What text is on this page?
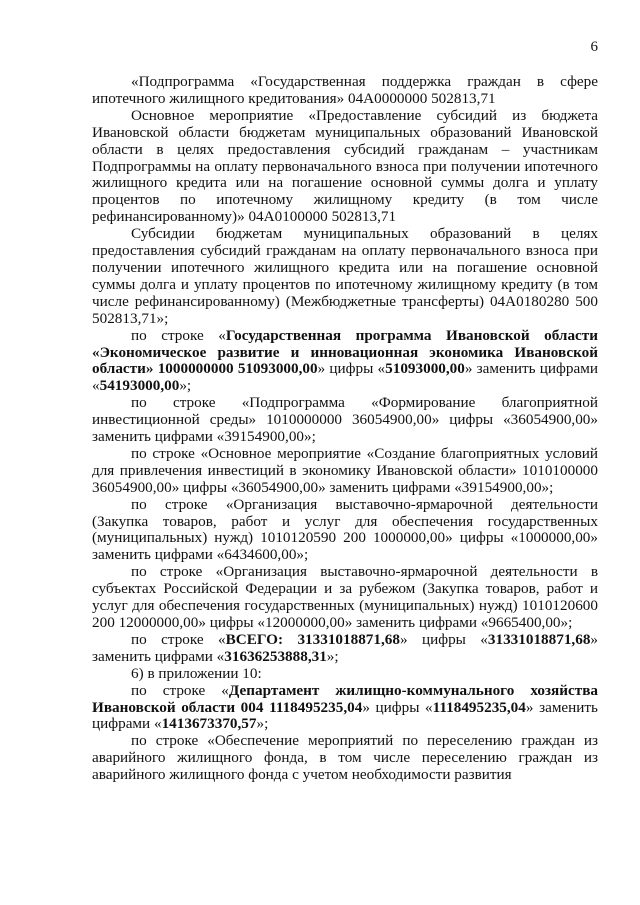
6

«Подпрограмма «Государственная поддержка граждан в сфере ипотечного жилищного кредитования» 04А0000000 502813,71

Основное мероприятие «Предоставление субсидий из бюджета Ивановской области бюджетам муниципальных образований Ивановской области в целях предоставления субсидий гражданам – участникам Подпрограммы на оплату первоначального взноса при получении ипотечного жилищного кредита или на погашение основной суммы долга и уплату процентов по ипотечному жилищному кредиту (в том числе рефинансированному)» 04А0100000 502813,71

Субсидии бюджетам муниципальных образований в целях предоставления субсидий гражданам на оплату первоначального взноса при получении ипотечного жилищного кредита или на погашение основной суммы долга и уплату процентов по ипотечному жилищному кредиту (в том числе рефинансированному) (Межбюджетные трансферты) 04А0180280 500 502813,71»;

по строке «Государственная программа Ивановской области «Экономическое развитие и инновационная экономика Ивановской области» 1000000000 51093000,00» цифры «51093000,00» заменить цифрами «54193000,00»;

по строке «Подпрограмма «Формирование благоприятной инвестиционной среды» 1010000000 36054900,00» цифры «36054900,00» заменить цифрами «39154900,00»;

по строке «Основное мероприятие «Создание благоприятных условий для привлечения инвестиций в экономику Ивановской области» 1010100000 36054900,00» цифры «36054900,00» заменить цифрами «39154900,00»;

по строке «Организация выставочно-ярмарочной деятельности (Закупка товаров, работ и услуг для обеспечения государственных (муниципальных) нужд) 1010120590 200 1000000,00» цифры «1000000,00» заменить цифрами «6434600,00»;

по строке «Организация выставочно-ярмарочной деятельности в субъектах Российской Федерации и за рубежом (Закупка товаров, работ и услуг для обеспечения государственных (муниципальных) нужд) 1010120600 200 12000000,00» цифры «12000000,00» заменить цифрами «9665400,00»;

по строке «ВСЕГО: 31331018871,68» цифры «31331018871,68» заменить цифрами «31636253888,31»;

6) в приложении 10:

по строке «Департамент жилищно-коммунального хозяйства Ивановской области 004 1118495235,04» цифры «1118495235,04» заменить цифрами «1413673370,57»;

по строке «Обеспечение мероприятий по переселению граждан из аварийного жилищного фонда, в том числе переселению граждан из аварийного жилищного фонда с учетом необходимости развития
